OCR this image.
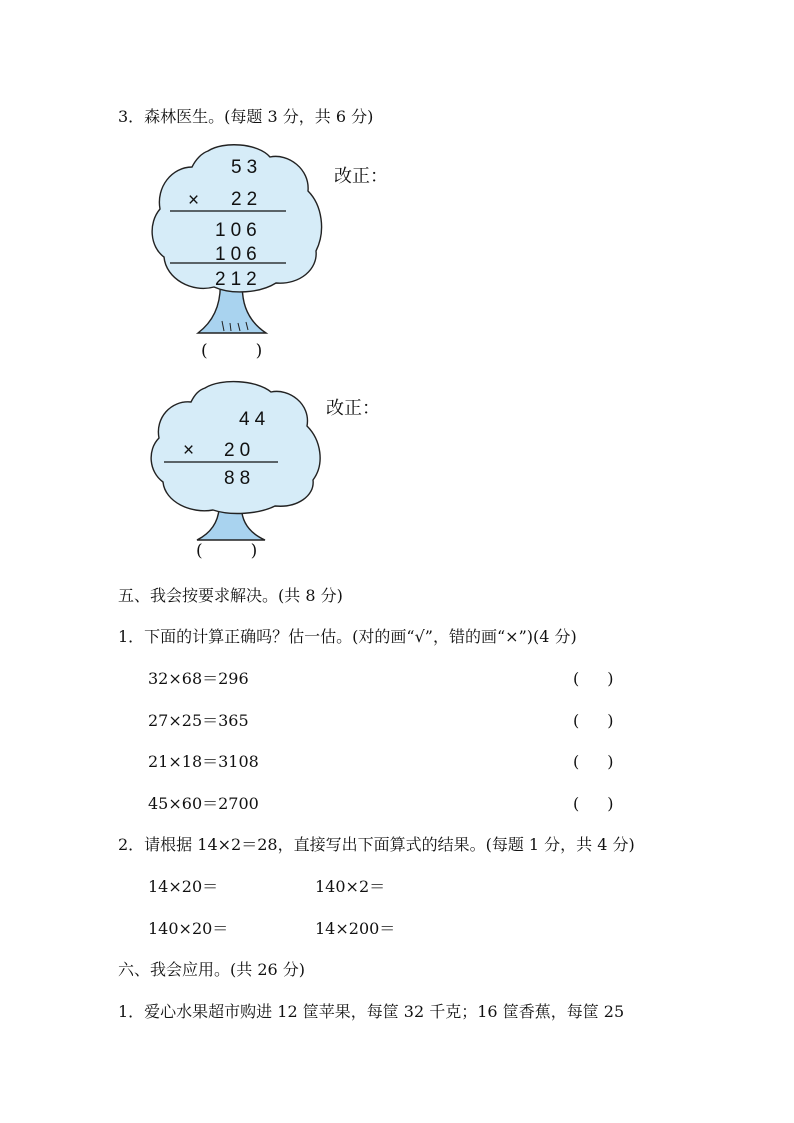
3．森林医生。(每题 3 分，共 6 分)
53
× 22
106
106
212
改正：
(	)
44
× 20
88
改正：
(	)
五、我会按要求解决。(共 8 分)
1．下面的计算正确吗？估一估。(对的画“√”，错的画“×”)(4 分)
32×68＝296	( )
27×25＝365	( )
21×18＝3108	( )
45×60＝2700	( )
2．请根据 14×2＝28，直接写出下面算式的结果。(每题 1 分，共 4 分)
14×20＝	140×2＝
140×20＝	14×200＝
六、我会应用。(共 26 分)
1．爱心水果超市购进 12 筐苹果，每筐 32 千克；16 筐香蕉，每筐 25
